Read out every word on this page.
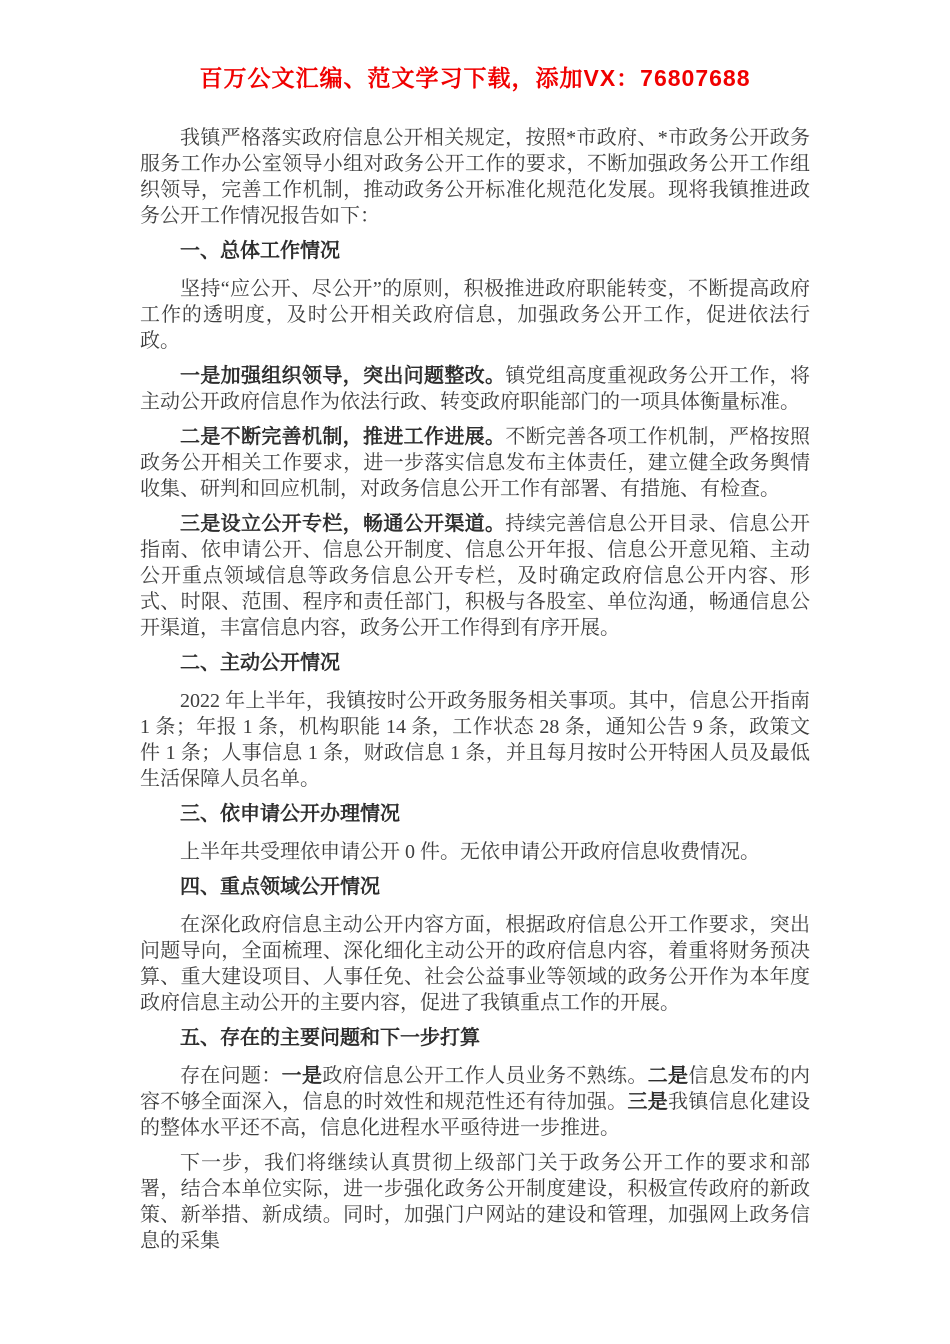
百万公文汇编、范文学习下载，添加VX：76807688

我镇严格落实政府信息公开相关规定，按照*市政府、*市政务公开政务服务工作办公室领导小组对政务公开工作的要求，不断加强政务公开工作组织领导，完善工作机制，推动政务公开标准化规范化发展。现将我镇推进政务公开工作情况报告如下：

一、总体工作情况

坚持“应公开、尽公开”的原则，积极推进政府职能转变，不断提高政府工作的透明度，及时公开相关政府信息，加强政务公开工作，促进依法行政。

一是加强组织领导，突出问题整改。镇党组高度重视政务公开工作，将主动公开政府信息作为依法行政、转变政府职能部门的一项具体衡量标准。

二是不断完善机制，推进工作进展。不断完善各项工作机制，严格按照政务公开相关工作要求，进一步落实信息发布主体责任，建立健全政务舆情收集、研判和回应机制，对政务信息公开工作有部署、有措施、有检查。

三是设立公开专栏，畅通公开渠道。持续完善信息公开目录、信息公开指南、依申请公开、信息公开制度、信息公开年报、信息公开意见箱、主动公开重点领域信息等政务信息公开专栏，及时确定政府信息公开内容、形式、时限、范围、程序和责任部门，积极与各股室、单位沟通，畅通信息公开渠道，丰富信息内容，政务公开工作得到有序开展。

二、主动公开情况

2022 年上半年，我镇按时公开政务服务相关事项。其中，信息公开指南 1 条；年报 1 条，机构职能 14 条，工作状态 28 条，通知公告 9 条，政策文件 1 条；人事信息 1 条，财政信息 1 条，并且每月按时公开特困人员及最低生活保障人员名单。

三、依申请公开办理情况

上半年共受理依申请公开 0 件。无依申请公开政府信息收费情况。

四、重点领域公开情况

在深化政府信息主动公开内容方面，根据政府信息公开工作要求，突出问题导向，全面梳理、深化细化主动公开的政府信息内容，着重将财务预决算、重大建设项目、人事任免、社会公益事业等领域的政务公开作为本年度政府信息主动公开的主要内容，促进了我镇重点工作的开展。

五、存在的主要问题和下一步打算

存在问题：一是政府信息公开工作人员业务不熟练。二是信息发布的内容不够全面深入，信息的时效性和规范性还有待加强。三是我镇信息化建设的整体水平还不高，信息化进程水平亟待进一步推进。

下一步，我们将继续认真贯彻上级部门关于政务公开工作的要求和部署，结合本单位实际，进一步强化政务公开制度建设，积极宣传政府的新政策、新举措、新成绩。同时，加强门户网站的建设和管理，加强网上政务信息的采集
